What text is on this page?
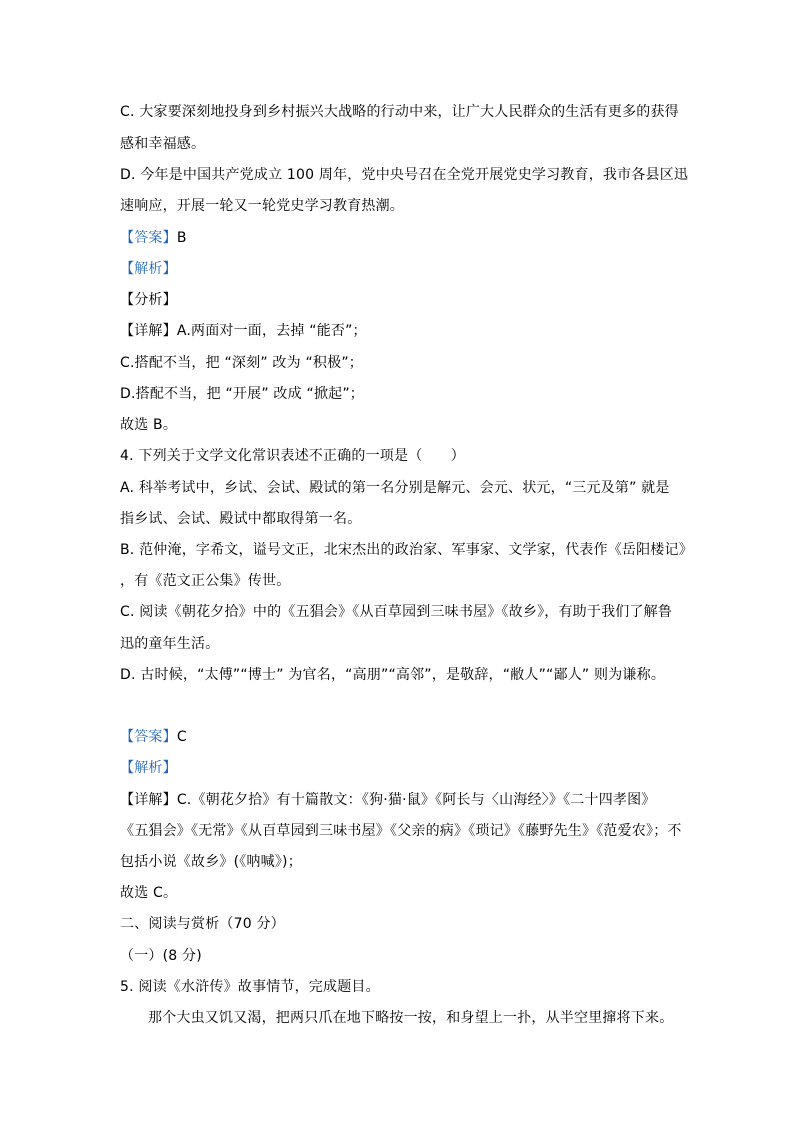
C. 大家要深刻地投身到乡村振兴大战略的行动中来，让广大人民群众的生活有更多的获得
感和幸福感。
D. 今年是中国共产党成立 100 周年，党中央号召在全党开展党史学习教育，我市各县区迅
速响应，开展一轮又一轮党史学习教育热潮。
【答案】B
【解析】
【分析】
【详解】A.两面对一面，去掉 “能否”；
C.搭配不当，把 “深刻” 改为 “积极”；
D.搭配不当，把 “开展” 改成 “掀起”；
故选 B。
4. 下列关于文学文化常识表述不正确的一项是（　　）
A. 科举考试中，乡试、会试、殿试的第一名分别是解元、会元、状元，“三元及第” 就是
指乡试、会试、殿试中都取得第一名。
B. 范仲淹，字希文，谥号文正，北宋杰出的政治家、军事家、文学家，代表作《岳阳楼记》
，有《范文正公集》传世。
C. 阅读《朝花夕拾》中的《五猖会》《从百草园到三味书屋》《故乡》，有助于我们了解鲁
迅的童年生活。
D. 古时候，“太傅”“博士” 为官名，“高朋”“高邻”，是敬辞，“敝人”“鄙人” 则为谦称。
【答案】C
【解析】
【详解】C.《朝花夕拾》有十篇散文：《狗·猫·鼠》《阿长与〈山海经〉》《二十四孝图》
《五猖会》《无常》《从百草园到三味书屋》《父亲的病》《琐记》《藤野先生》《范爱农》；不
包括小说《故乡》(《呐喊》)；
故选 C。
二、阅读与赏析（70 分）
（一）(8 分)
5. 阅读《水浒传》故事情节，完成题目。
那个大虫又饥又渴，把两只爪在地下略按一按，和身望上一扑，从半空里撺将下来。
